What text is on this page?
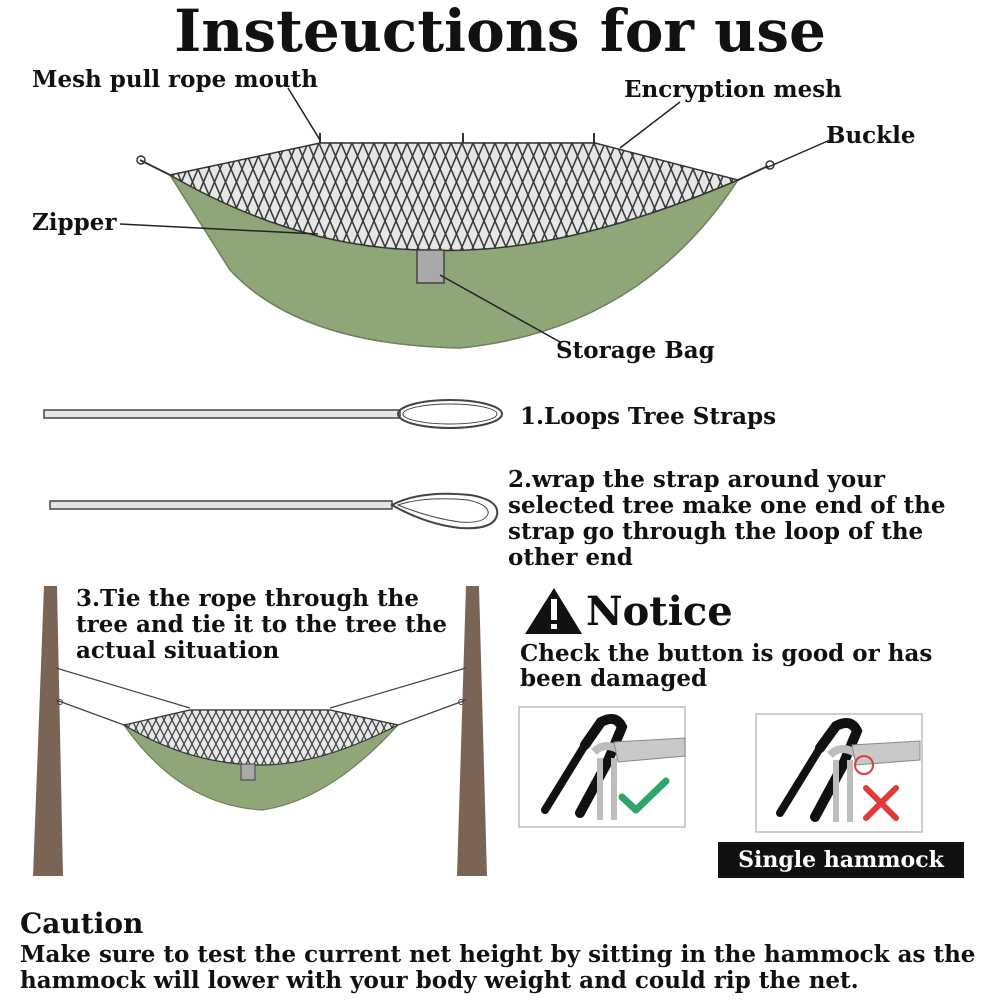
Insteuctions for use
Mesh pull rope mouth	Encryption mesh
Buckle
Zipper
Storage Bag
1.Loops Tree Straps
2.wrap the strap around your selected tree make one end of the strap go through the loop of the other end
3.Tie the rope through the tree and tie it to the tree the actual situation
Notice
Check the button is good or has been damaged
Single hammock
Caution
Make sure to test the current net height by sitting in the hammock as the hammock will lower with your body weight and could rip the net.
